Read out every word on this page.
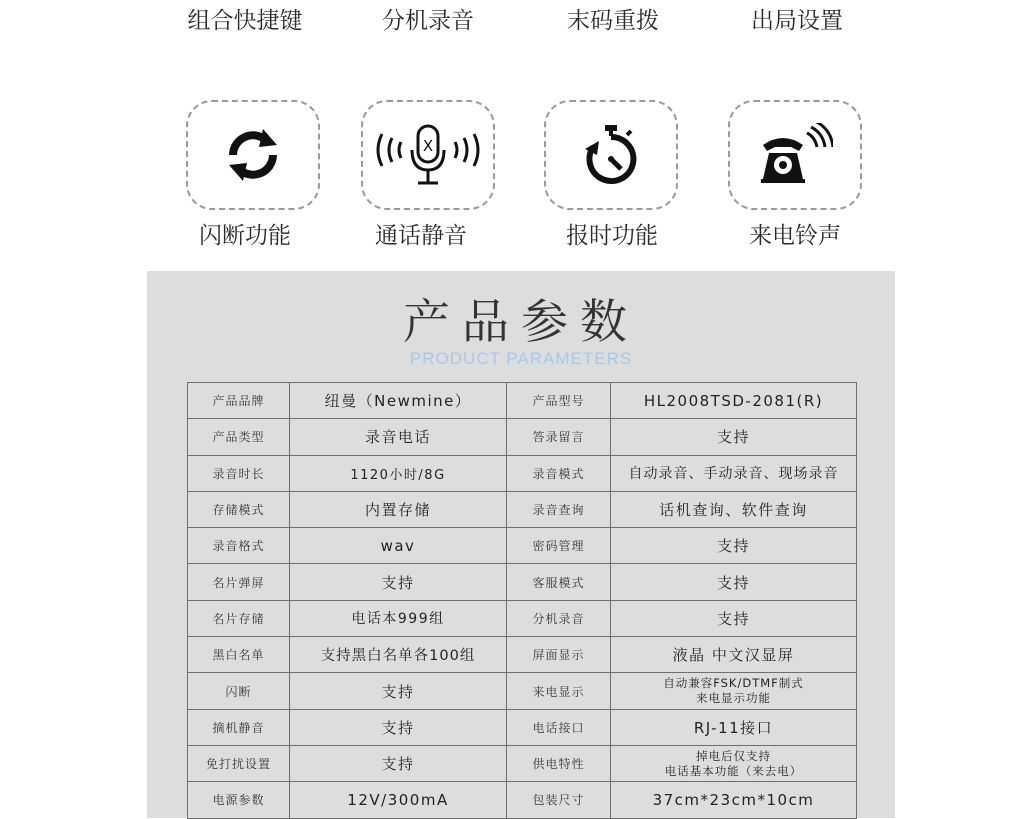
组合快捷键	分机录音	末码重拨	出局设置
X
闪断功能	通话静音	报时功能	来电铃声
产品参数
PRODUCT PARAMETERS
产品品牌	纽曼（Newmine）	产品型号	HL2008TSD-2081(R)
产品类型	录音电话	答录留言	支持
录音时长	1120小时/8G	录音模式	自动录音、手动录音、现场录音
存储模式	内置存储	录音查询	话机查询、软件查询
录音格式	wav	密码管理	支持
名片弹屏	支持	客服模式	支持
名片存储	电话本999组	分机录音	支持
黑白名单	支持黑白名单各100组	屏面显示	液晶 中文汉显屏
闪断	支持	来电显示	自动兼容FSK/DTMF制式
来电显示功能

摘机静音	支持	电话接口	RJ-11接口
免打扰设置	支持	供电特性	掉电后仅支持
电话基本功能（来去电）

电源参数	12V/300mA	包装尺寸	37cm*23cm*10cm
